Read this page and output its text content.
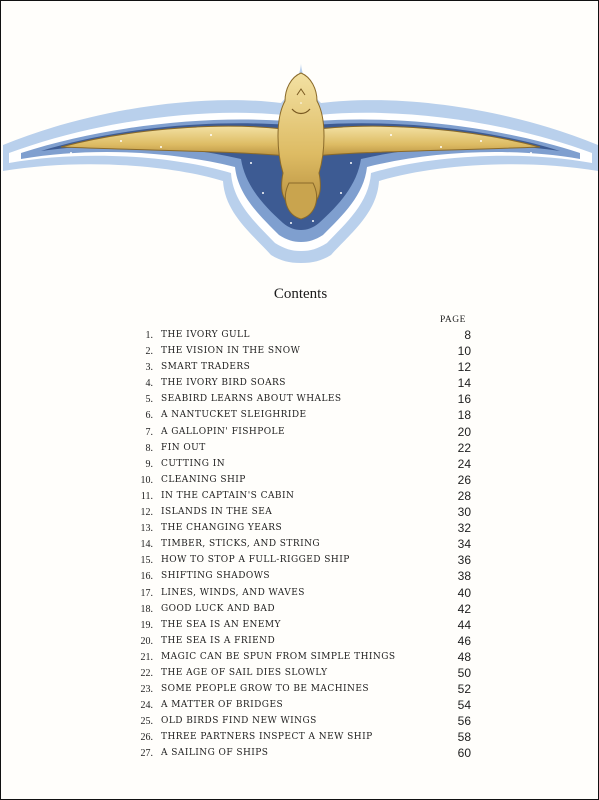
Contents
PAGE
1. THE IVORY GULL	8
2. THE VISION IN THE SNOW	10
3. SMART TRADERS	12
4. THE IVORY BIRD SOARS	14
5. SEABIRD LEARNS ABOUT WHALES	16
6. A NANTUCKET SLEIGHRIDE	18
7. A GALLOPIN' FISHPOLE	20
8. FIN OUT	22
9. CUTTING IN	24
10. CLEANING SHIP	26
11. IN THE CAPTAIN'S CABIN	28
12. ISLANDS IN THE SEA	30
13. THE CHANGING YEARS	32
14. TIMBER, STICKS, AND STRING	34
15. HOW TO STOP A FULL-RIGGED SHIP	36
16. SHIFTING SHADOWS	38
17. LINES, WINDS, AND WAVES	40
18. GOOD LUCK AND BAD	42
19. THE SEA IS AN ENEMY	44
20. THE SEA IS A FRIEND	46
21. MAGIC CAN BE SPUN FROM SIMPLE THINGS	48
22. THE AGE OF SAIL DIES SLOWLY	50
23. SOME PEOPLE GROW TO BE MACHINES	52
24. A MATTER OF BRIDGES	54
25. OLD BIRDS FIND NEW WINGS	56
26. THREE PARTNERS INSPECT A NEW SHIP	58
27. A SAILING OF SHIPS	60
